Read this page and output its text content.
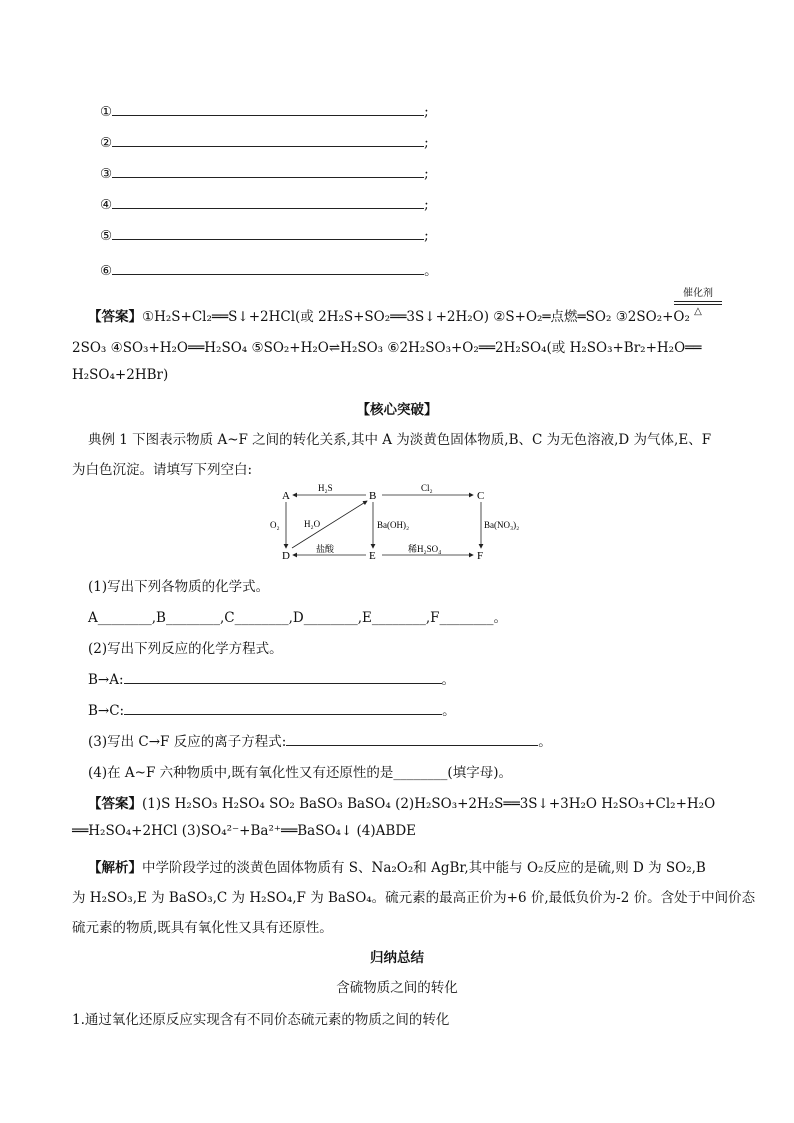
①	;
②	;
③	;
④	;
⑤	;
⑥	。
【答案】①H₂S+Cl₂══S↓+2HCl(或 2H₂S+SO₂══3S↓+2H₂O) ②S+O₂═点燃═SO₂ ③2SO₂+O₂
催化剂
△
2SO₃ ④SO₃+H₂O══H₂SO₄ ⑤SO₂+H₂O⇌H₂SO₃ ⑥2H₂SO₃+O₂══2H₂SO₄(或 H₂SO₃+Br₂+H₂O══
H₂SO₄+2HBr)
【核心突破】
典例 1 下图表示物质 A~F 之间的转化关系,其中 A 为淡黄色固体物质,B、C 为无色溶液,D 为气体,E、F
为白色沉淀。请填写下列空白:
A	B	C
D	E	F
H₂S	Cl₂
O₂	H₂O	Ba(OH)₂	Ba(NO₃)₂
盐酸	稀H₂SO₄
(1)写出下列各物质的化学式。
A________,B________,C________,D________,E________,F________。
(2)写出下列反应的化学方程式。
B→A:	。
B→C:	。
(3)写出 C→F 反应的离子方程式:	。
(4)在 A~F 六种物质中,既有氧化性又有还原性的是________(填字母)。
【答案】(1)S H₂SO₃ H₂SO₄ SO₂ BaSO₃ BaSO₄ (2)H₂SO₃+2H₂S══3S↓+3H₂O H₂SO₃+Cl₂+H₂O
══H₂SO₄+2HCl (3)SO₄²⁻+Ba²⁺══BaSO₄↓ (4)ABDE
【解析】中学阶段学过的淡黄色固体物质有 S、Na₂O₂和 AgBr,其中能与 O₂反应的是硫,则 D 为 SO₂,B
为 H₂SO₃,E 为 BaSO₃,C 为 H₂SO₄,F 为 BaSO₄。硫元素的最高正价为+6 价,最低负价为-2 价。含处于中间价态
硫元素的物质,既具有氧化性又具有还原性。
归纳总结
含硫物质之间的转化
1.通过氧化还原反应实现含有不同价态硫元素的物质之间的转化
